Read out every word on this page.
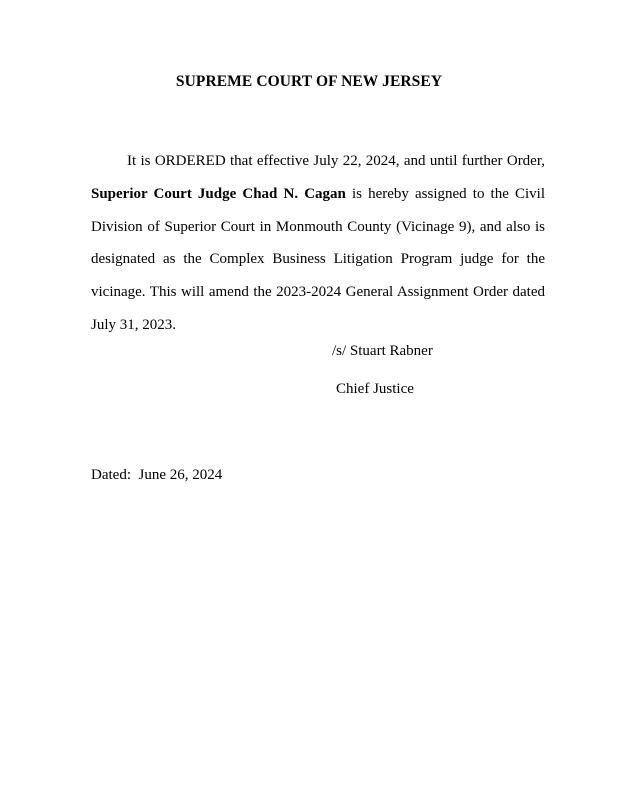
SUPREME COURT OF NEW JERSEY

It is ORDERED that effective July 22, 2024, and until further Order, Superior Court Judge Chad N. Cagan is hereby assigned to the Civil Division of Superior Court in Monmouth County (Vicinage 9), and also is designated as the Complex Business Litigation Program judge for the vicinage. This will amend the 2023-2024 General Assignment Order dated July 31, 2023.

/s/ Stuart Rabner
Chief Justice
Dated:  June 26, 2024
